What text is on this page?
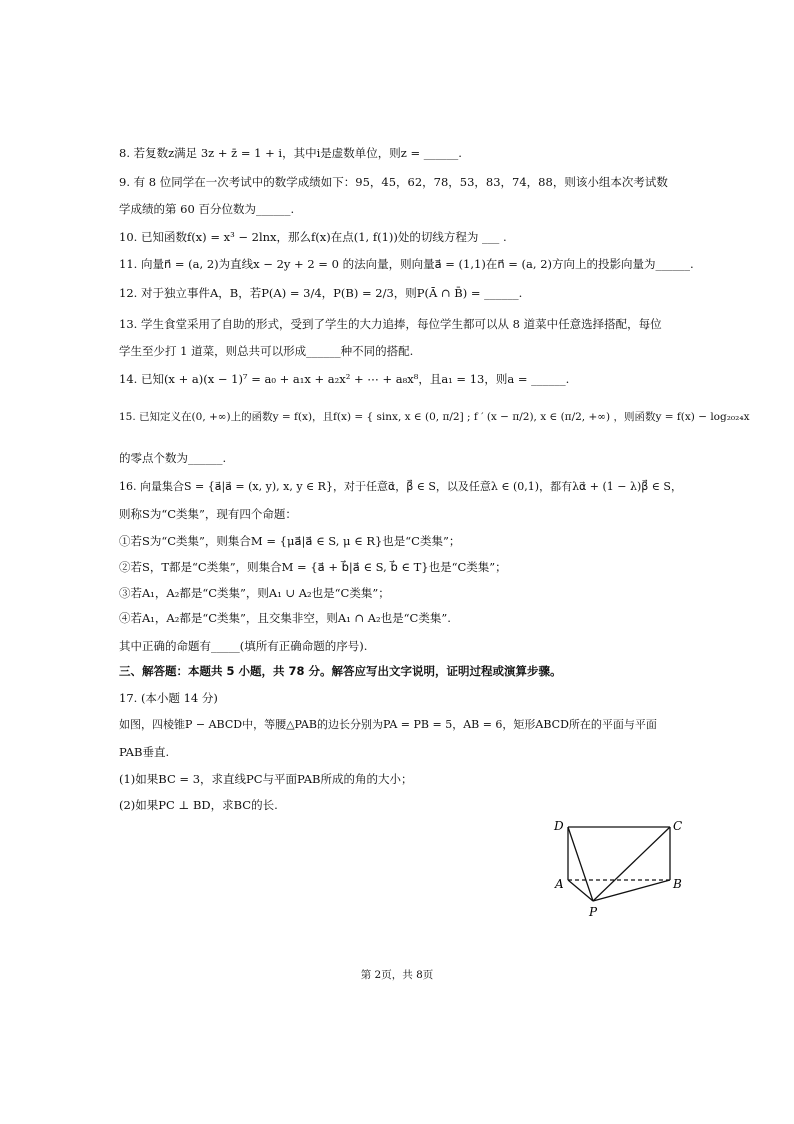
8. 若复数z满足 3z + z̄ = 1 + i，其中i是虚数单位，则z = ______.
9. 有 8 位同学在一次考试中的数学成绩如下：95，45，62，78，53，83，74，88，则该小组本次考试数
学成绩的第 60 百分位数为______.
10. 已知函数f(x) = x³ − 2lnx，那么f(x)在点(1, f(1))处的切线方程为 ___ .
11. 向量n⃗ = (a, 2)为直线x − 2y + 2 = 0 的法向量，则向量a⃗ = (1,1)在n⃗ = (a, 2)方向上的投影向量为______.
12. 对于独立事件A，B，若P(A) = 3/4，P(B) = 2/3，则P(Ā ∩ B̄) = ______.
13. 学生食堂采用了自助的形式，受到了学生的大力追捧，每位学生都可以从 8 道菜中任意选择搭配，每位
学生至少打 1 道菜，则总共可以形成______种不同的搭配.
14. 已知(x + a)(x − 1)⁷ = a₀ + a₁x + a₂x² + ⋯ + a₈x⁸，且a₁ = 13，则a = ______.
15. 已知定义在(0, +∞)上的函数y = f(x)，且f(x) = { sinx, x ∈ (0, π/2] ; f ′ (x − π/2), x ∈ (π/2, +∞) ，则函数y = f(x) − log₂₀₂₄x
的零点个数为______.
16. 向量集合S = {a⃗|a⃗ = (x, y), x, y ∈ R}，对于任意α⃗，β⃗ ∈ S，以及任意λ ∈ (0,1)，都有λα⃗ + (1 − λ)β⃗ ∈ S，
则称S为“C类集”，现有四个命题：
①若S为“C类集”，则集合M = {μa⃗|a⃗ ∈ S, μ ∈ R}也是“C类集”；
②若S，T都是“C类集”，则集合M = {a⃗ + b⃗|a⃗ ∈ S, b⃗ ∈ T}也是“C类集”；
③若A₁，A₂都是“C类集”，则A₁ ∪ A₂也是“C类集”；
④若A₁，A₂都是“C类集”，且交集非空，则A₁ ∩ A₂也是“C类集”.
其中正确的命题有_____(填所有正确命题的序号).
三、解答题：本题共 5 小题，共 78 分。解答应写出文字说明，证明过程或演算步骤。
17. (本小题 14 分)
如图，四棱锥P − ABCD中，等腰△PAB的边长分别为PA = PB = 5，AB = 6，矩形ABCD所在的平面与平面
PAB垂直.
(1)如果BC = 3，求直线PC与平面PAB所成的角的大小；
(2)如果PC ⊥ BD，求BC的长.
D	C
A	B
P
第 2页，共 8页
